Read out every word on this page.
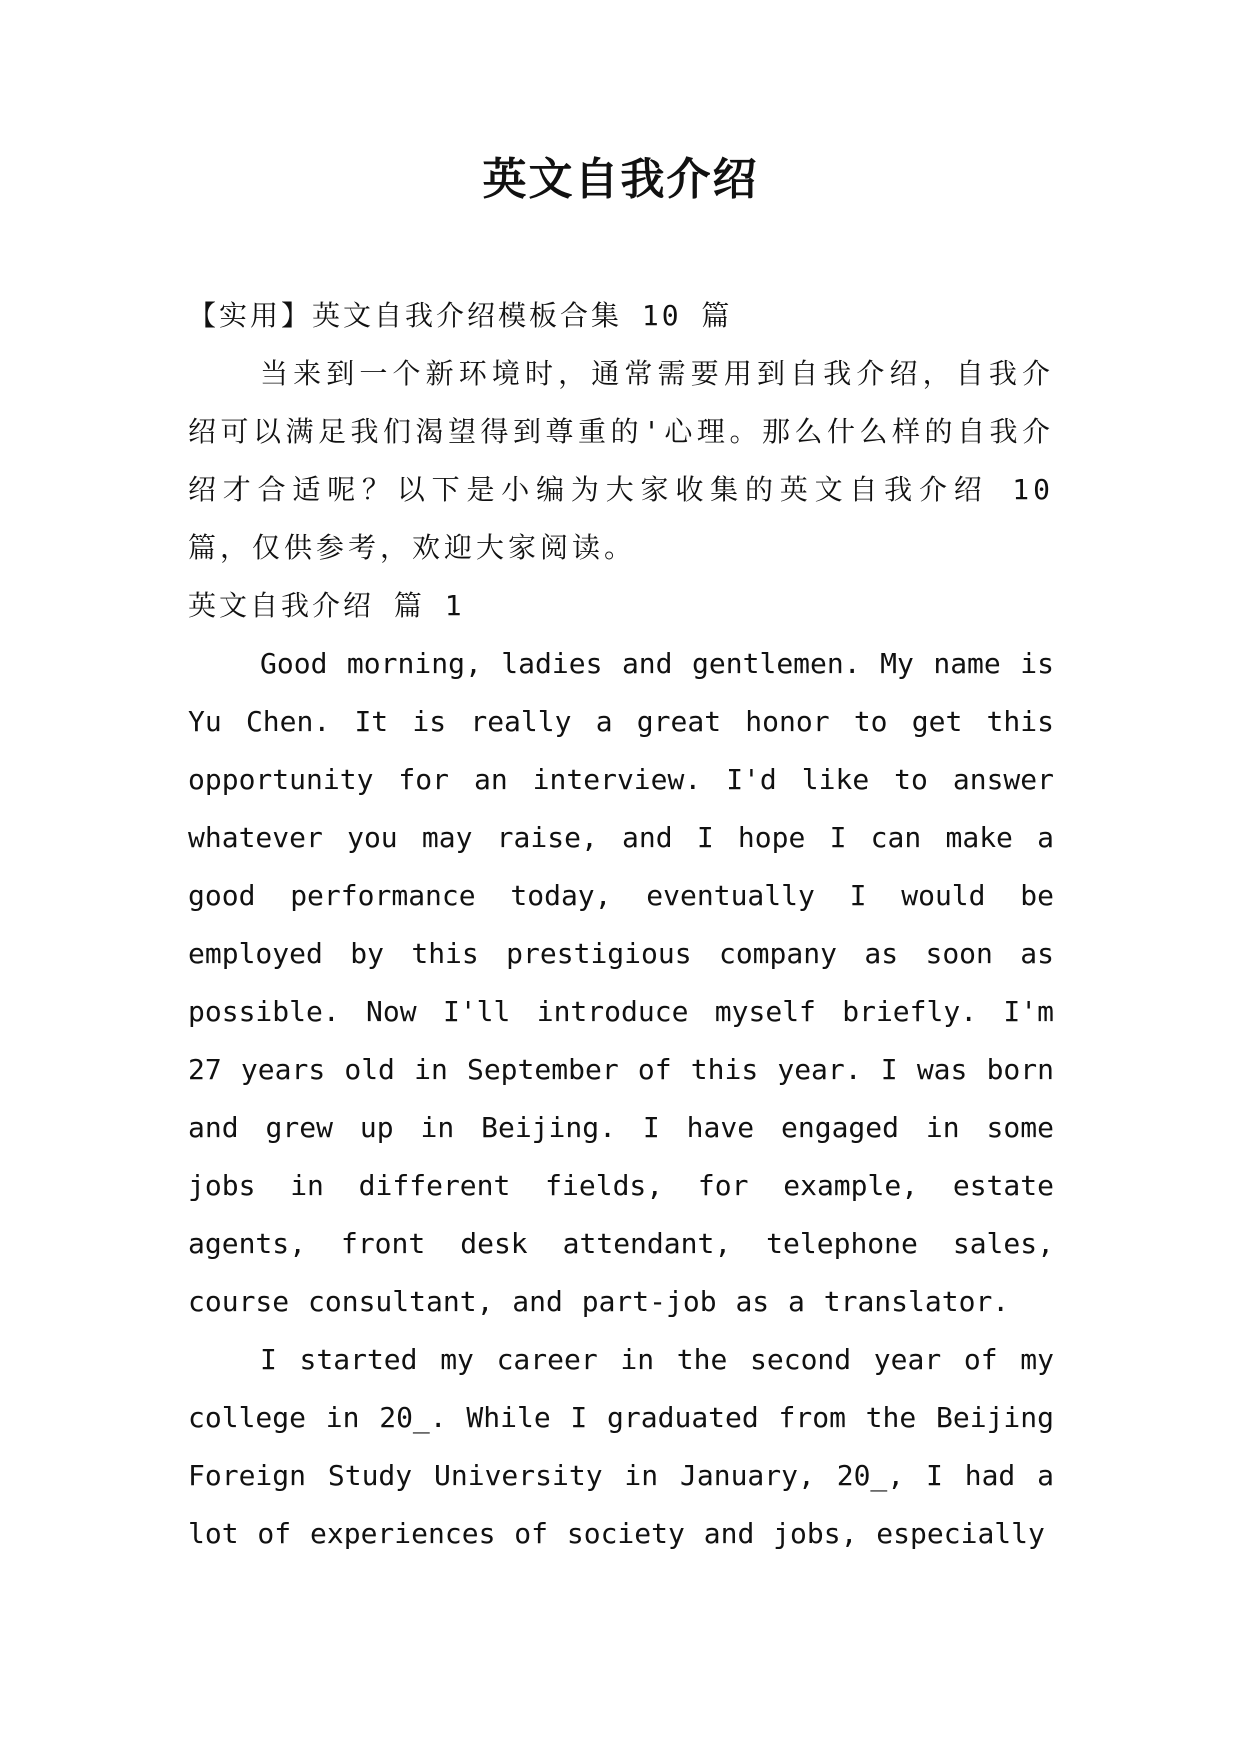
英文自我介绍

【实用】英文自我介绍模板合集 10 篇

当来到一个新环境时，通常需要用到自我介绍，自我介绍可以满足我们渴望得到尊重的'心理。那么什么样的自我介绍才合适呢？以下是小编为大家收集的英文自我介绍 10 篇，仅供参考，欢迎大家阅读。

英文自我介绍 篇 1

Good morning, ladies and gentlemen. My name is Yu Chen. It is really a great honor to get this opportunity for an interview. I'd like to answer whatever you may raise, and I hope I can make a good performance today, eventually I would be employed by this prestigious company as soon as possible. Now I'll introduce myself briefly. I'm 27 years old in September of this year. I was born and grew up in Beijing. I have engaged in some jobs in different fields, for example, estate agents, front desk attendant, telephone sales, course consultant, and part-job as a translator.

I started my career in the second year of my college in 20_. While I graduated from the Beijing Foreign Study University in January, 20_, I had a lot of experiences of society and jobs, especially
